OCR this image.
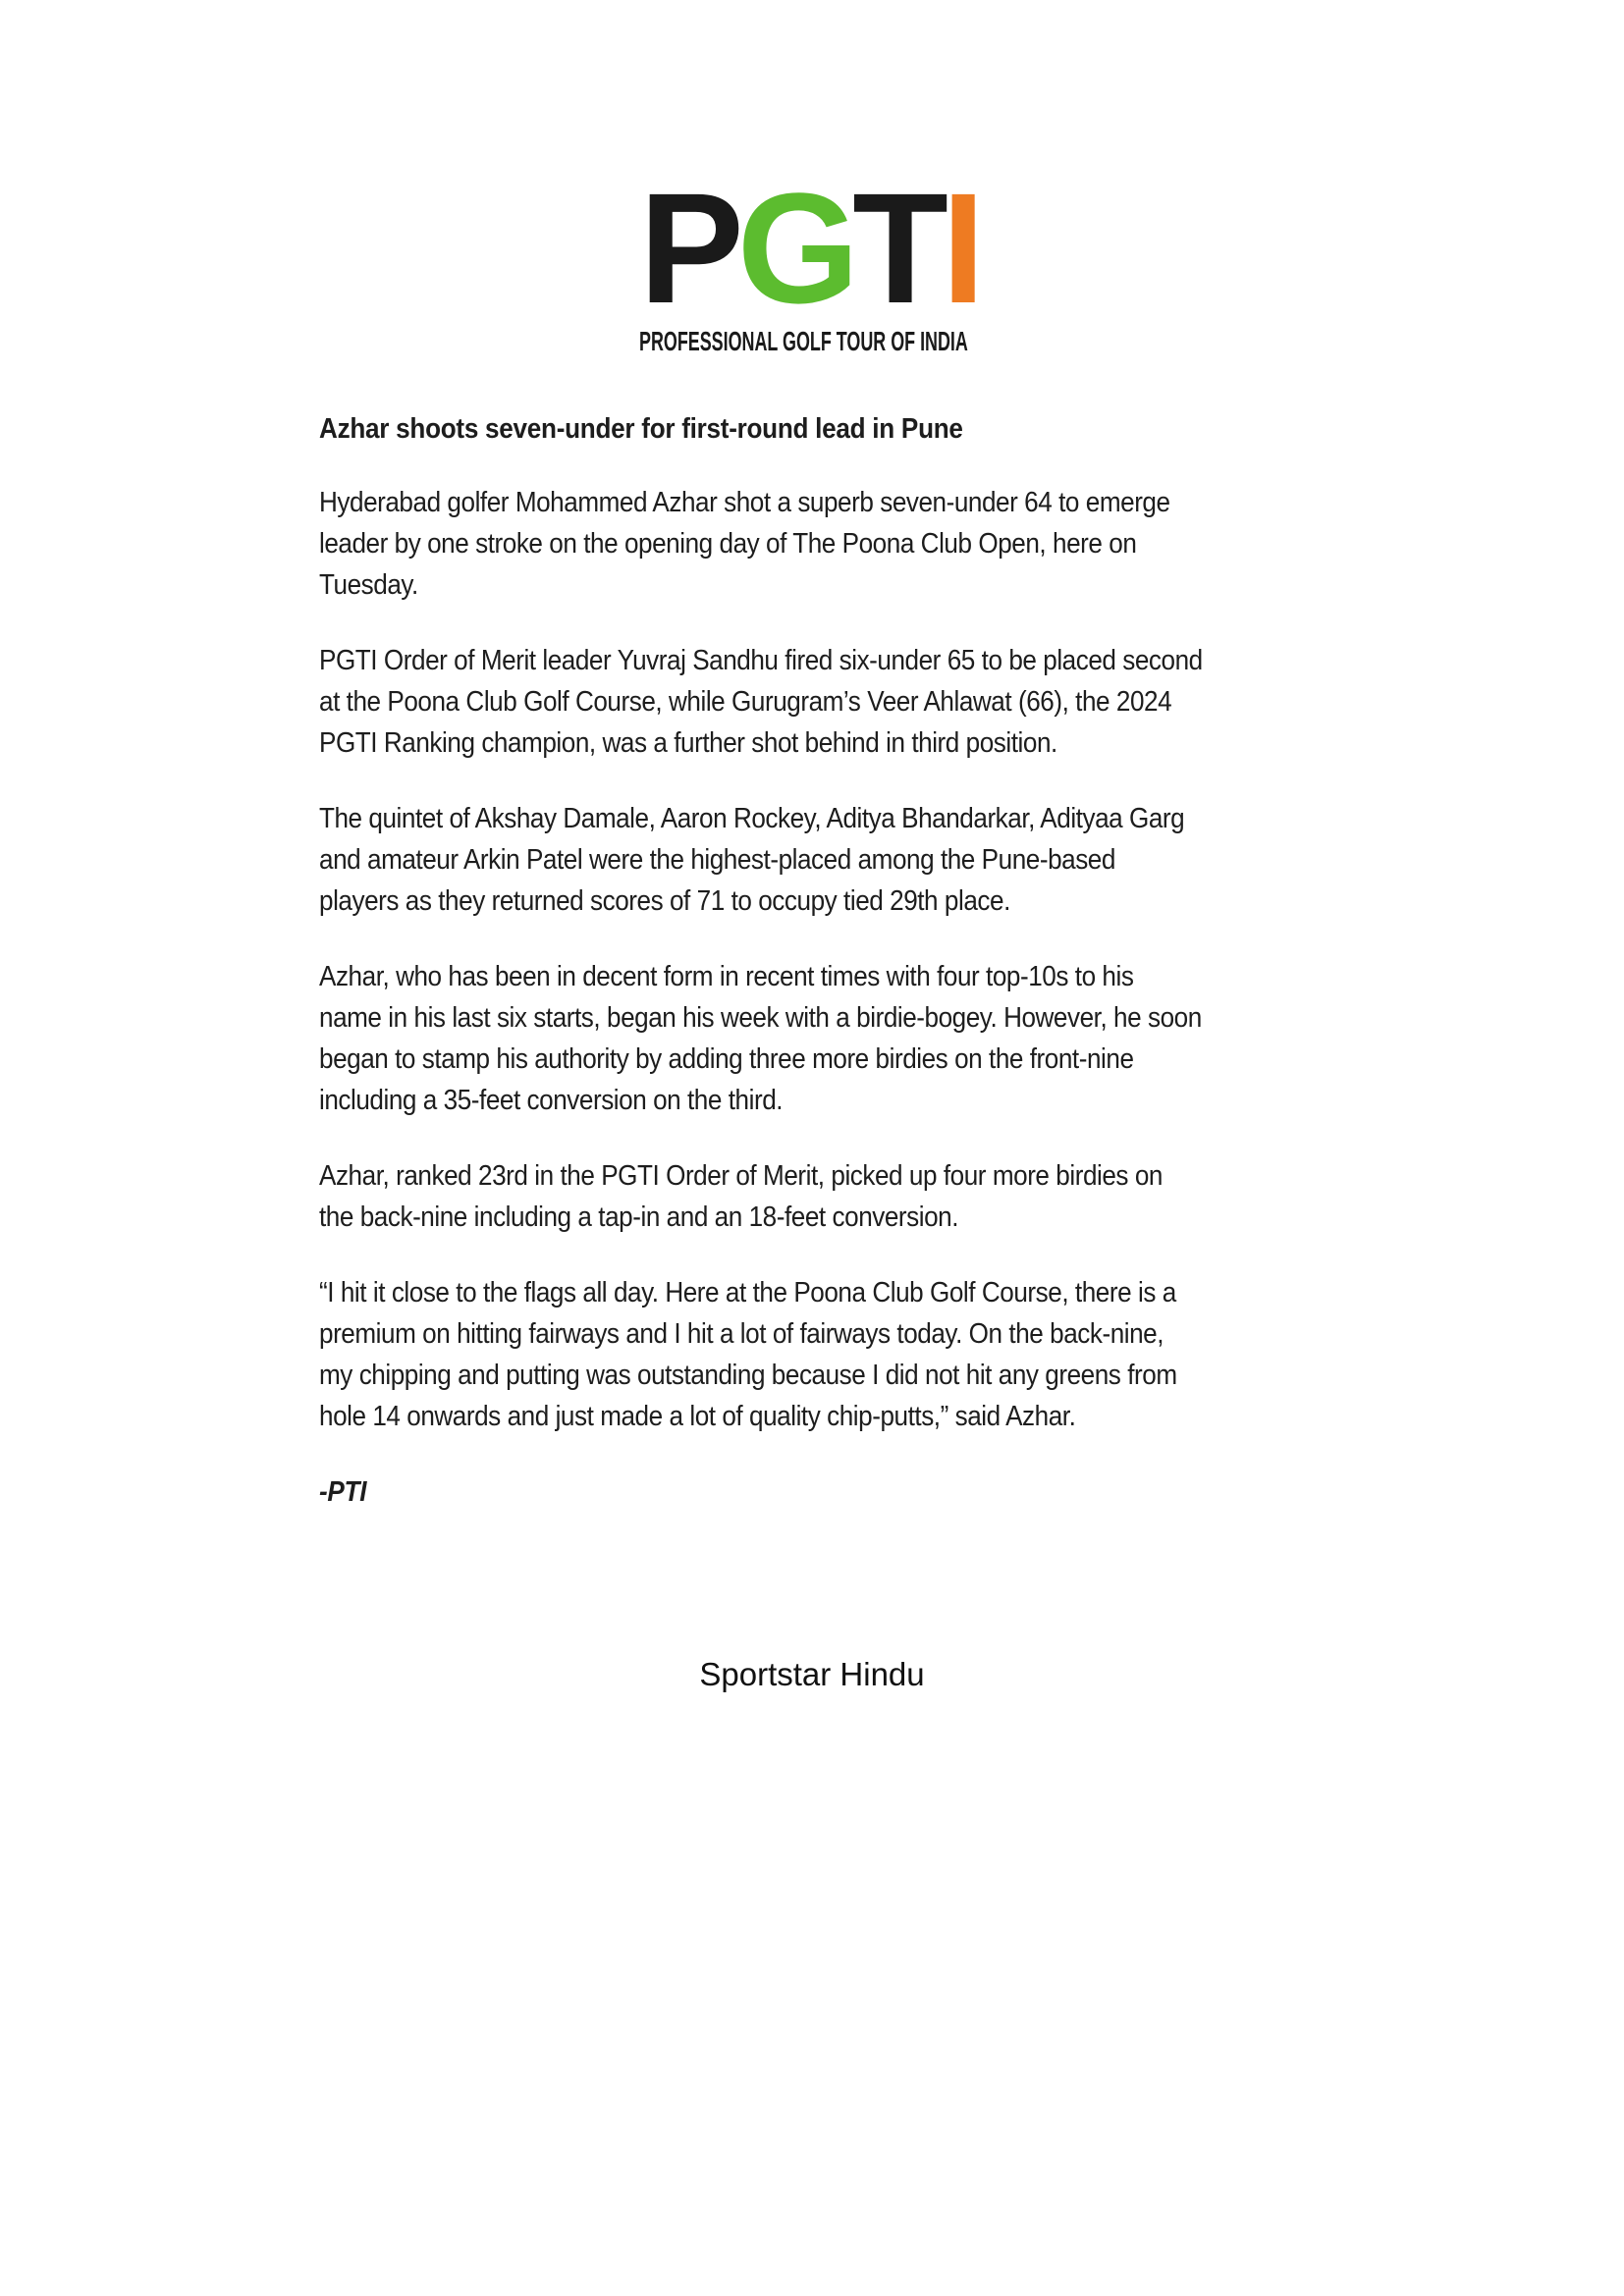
P G T I
PROFESSIONAL GOLF TOUR OF INDIA
Azhar shoots seven-under for first-round lead in Pune

Hyderabad golfer Mohammed Azhar shot a superb seven-under 64 to emerge
leader by one stroke on the opening day of The Poona Club Open, here on
Tuesday.

PGTI Order of Merit leader Yuvraj Sandhu fired six-under 65 to be placed second
at the Poona Club Golf Course, while Gurugram’s Veer Ahlawat (66), the 2024
PGTI Ranking champion, was a further shot behind in third position.

The quintet of Akshay Damale, Aaron Rockey, Aditya Bhandarkar, Adityaa Garg
and amateur Arkin Patel were the highest-placed among the Pune-based
players as they returned scores of 71 to occupy tied 29th place.

Azhar, who has been in decent form in recent times with four top-10s to his
name in his last six starts, began his week with a birdie-bogey. However, he soon
began to stamp his authority by adding three more birdies on the front-nine
including a 35-feet conversion on the third.

Azhar, ranked 23rd in the PGTI Order of Merit, picked up four more birdies on
the back-nine including a tap-in and an 18-feet conversion.

“I hit it close to the flags all day. Here at the Poona Club Golf Course, there is a
premium on hitting fairways and I hit a lot of fairways today. On the back-nine,
my chipping and putting was outstanding because I did not hit any greens from
hole 14 onwards and just made a lot of quality chip-putts,” said Azhar.

-PTI

Sportstar Hindu
